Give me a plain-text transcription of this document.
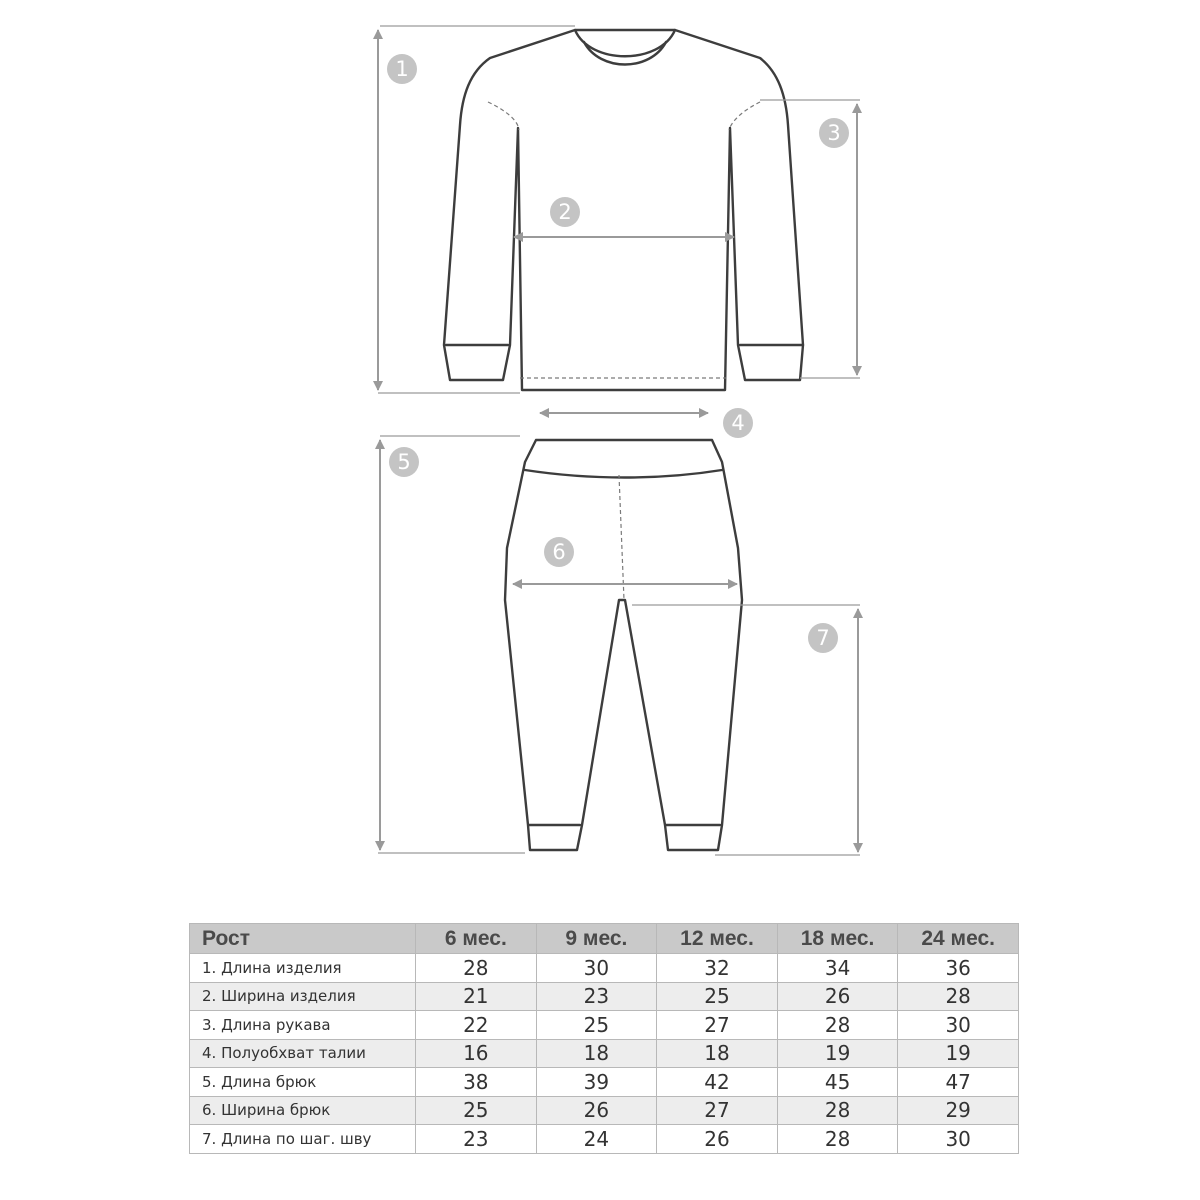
1
2
3
4
5
6
7
Рост	6 мес.	9 мес.	12 мес.	18 мес.	24 мес.
1. Длина изделия	28	30	32	34	36
2. Ширина изделия	21	23	25	26	28
3. Длина рукава	22	25	27	28	30
4. Полуобхват талии	16	18	18	19	19
5. Длина брюк	38	39	42	45	47
6. Ширина брюк	25	26	27	28	29
7. Длина по шаг. шву	23	24	26	28	30
